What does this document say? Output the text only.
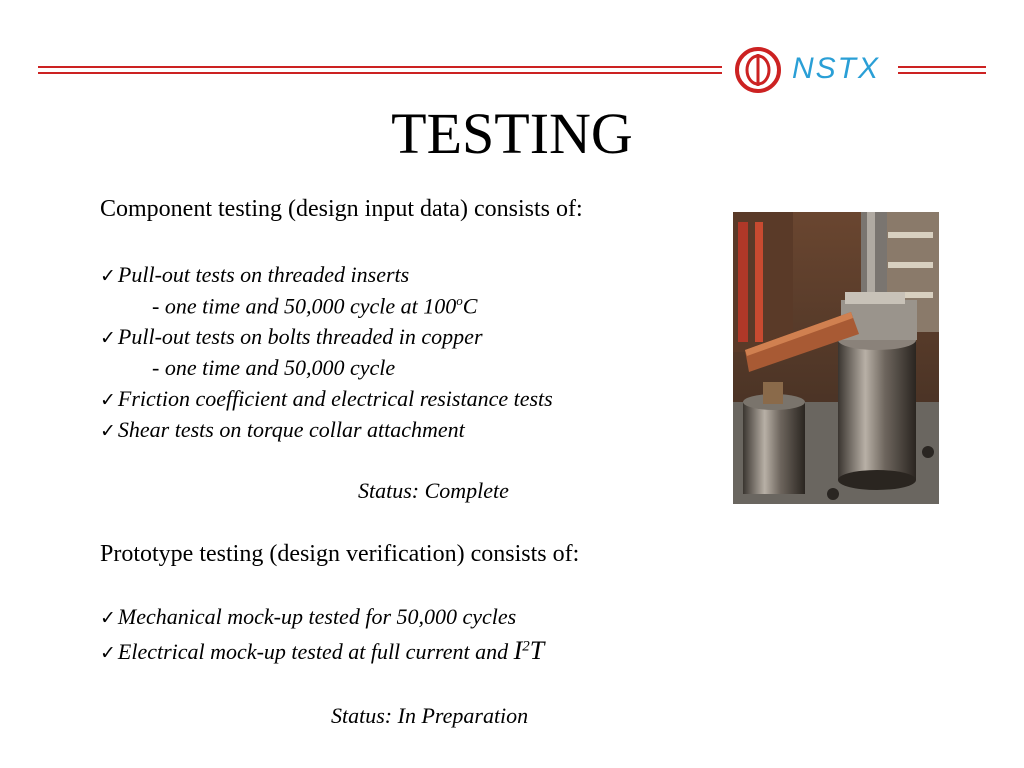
NSTX
TESTING
Component testing (design input data) consists of:
✓Pull-out tests on threaded inserts
- one time and 50,000 cycle at 100$^o$C
✓Pull-out tests on bolts threaded in copper
- one time and 50,000 cycle
✓Friction coefficient and electrical resistance tests
✓Shear tests on torque collar attachment
Status: Complete
Prototype testing (design verification) consists of:
✓Mechanical mock-up tested for 50,000 cycles
✓Electrical mock-up tested at full current and $I^2T$
Status: In Preparation
